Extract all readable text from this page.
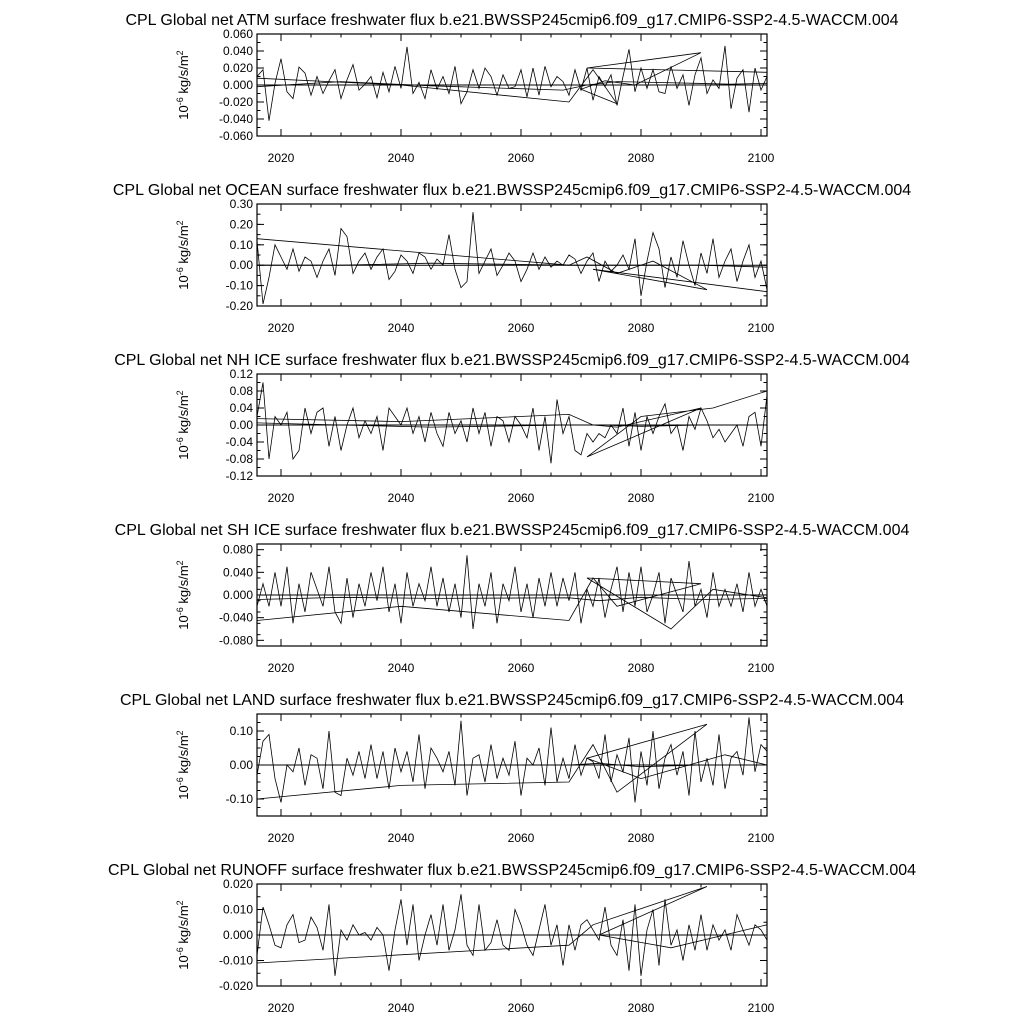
CPL Global net ATM surface freshwater flux b.e21.BWSSP245cmip6.f09_g17.CMIP6-SSP2-4.5-WACCM.004
-0.060
-0.040
-0.020
0.000
0.020
0.040
0.060
2020	2040	2060	2080	2100
$10^{-6}$ $kg/s/m^2$
CPL Global net OCEAN surface freshwater flux b.e21.BWSSP245cmip6.f09_g17.CMIP6-SSP2-4.5-WACCM.004
-0.20
-0.10
0.00
0.10
0.20
0.30
2020	2040	2060	2080	2100
$10^{-6}$ $kg/s/m^2$
CPL Global net NH ICE surface freshwater flux b.e21.BWSSP245cmip6.f09_g17.CMIP6-SSP2-4.5-WACCM.004
-0.12
-0.08
-0.04
0.00
0.04
0.08
0.12
2020	2040	2060	2080	2100
$10^{-6}$ $kg/s/m^2$
CPL Global net SH ICE surface freshwater flux b.e21.BWSSP245cmip6.f09_g17.CMIP6-SSP2-4.5-WACCM.004
-0.080
-0.040
0.000
0.040
0.080
2020	2040	2060	2080	2100
$10^{-6}$ $kg/s/m^2$
CPL Global net LAND surface freshwater flux b.e21.BWSSP245cmip6.f09_g17.CMIP6-SSP2-4.5-WACCM.004
-0.10
0.00
0.10
2020	2040	2060	2080	2100
$10^{-6}$ $kg/s/m^2$
CPL Global net RUNOFF surface freshwater flux b.e21.BWSSP245cmip6.f09_g17.CMIP6-SSP2-4.5-WACCM.004
-0.020
-0.010
0.000
0.010
0.020
2020	2040	2060	2080	2100
$10^{-6}$ $kg/s/m^2$
